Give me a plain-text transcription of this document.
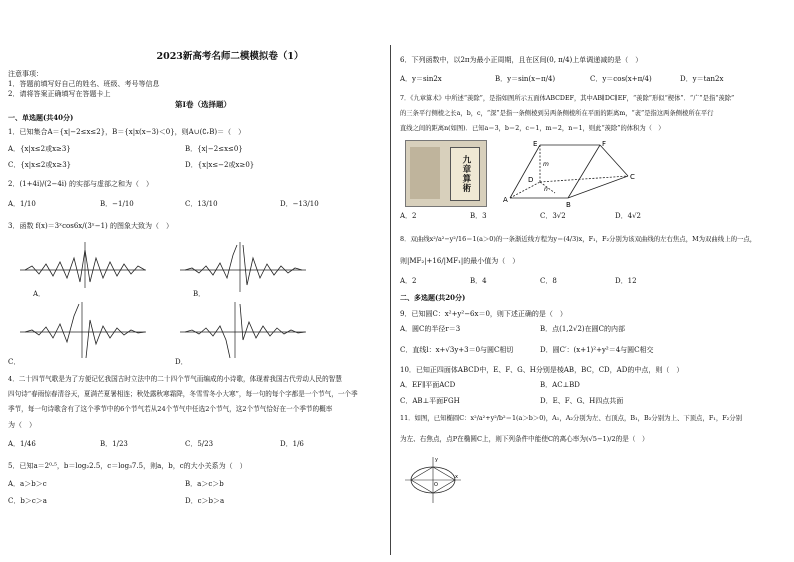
2023新高考名师二模模拟卷（1）
注意事项：
1．答题前填写好自己的姓名、班级、考号等信息
2．请将答案正确填写在答题卡上
第Ⅰ卷（选择题）
一、单选题(共40分)
1．已知集合A＝{x|−2≤x≤2}，B＝{x|x(x−3)＜0}，则A∪(∁ᵣB)＝（　）
A．{x|x≤2或x≥3}	B．{x|−2≤x≤0}
C．{x|x≤2或x≥3}	D．{x|x≤−2或x≥0}
2．(1+4i)/(2−4i) 的实部与虚部之和为（　）
A．1/10	B．−1/10	C．13/10	D．−13/10
3．函数 f(x)＝3ˣcos6x/(3ˣ−1) 的图象大致为（　）
A．	B．
C．	D．
4．二十四节气歌是为了方便记忆我国古时立法中的二十四个节气而编成的小诗歌，体现着我国古代劳动人民的智慧
四句诗“春雨惊春清谷天，夏满芒夏暑相连；秋处露秋寒霜降，冬雪雪冬小大寒”，每一句的每个字都是一个节气，一个季
季节，每一句诗歌含有了这个季节中的6个节气若从24个节气中任选2个节气，这2个节气恰好在一个季节的概率
为（　）
A．1/46	B．1/23	C．5/23	D．1/6
5．已知a＝2⁰·⁵，b＝log₂2.5，c＝log₃7.5，则a，b，c的大小关系为（　）
A．a＞b＞c	B．a＞c＞b
C．b＞c＞a	D．c＞b＞a
6．下列函数中，以2π为最小正周期，且在区间(0, π/4)上单调递减的是（　）
A．y＝sin2x	B．y＝sin(x−π/4)	C．y＝cos(x+π/4)	D．y＝tan2x
7．《九章算术》中所述“羡除”，是指如图所示五面体ABCDEF，其中AB∥DC∥EF，“羡除”形似“楔体”．“广”是指“羡除”
的三条平行侧棱之长a，b，c，“深”是指一条侧棱到另两条侧棱所在平面的距离m，“袤”是指这两条侧棱所在平行
直线之间的距离n(如图)．已知a＝3，b＝2，c＝1，m＝2，n＝1，则此“羡除”的体积为（　）
九章算術
E	F
A
B
C
D
m
n
A．2	B．3	C．3√2	D．4√2
8．双曲线x²/a²−y²/16＝1(a＞0)的一条渐近线方程为y＝(4/3)x，F₁，F₂分别为该双曲线的左右焦点，M为双曲线上的一点，
则|MF₂|+16/|MF₁|的最小值为（　）
A．2	B．4	C．8	D．12
二、多选题(共20分)
9．已知圆C：x²+y²−6x＝0，则下述正确的是（　）
A．圆C的半径r＝3	B．点(1,2√2)在圆C的内部
C．直线l：x+√3y+3＝0与圆C相切	D．圆C′：(x+1)²+y²＝4与圆C相交
10．已知正四面体ABCD中，E、F、G、H分别是棱AB，BC，CD，AD的中点，则（　）
A．EF∥平面ACD	B．AC⊥BD
C．AB⊥平面FGH	D．E、F、G、H四点共面
11．如图，已知椭圆C：x²/a²+y²/b²＝1(a＞b＞0)，A₁，A₂分别为左、右顶点，B₁，B₂分别为上、下顶点，F₁，F₂分别
为左、右焦点，点P在椭圆C上，则下列条件中能使C的离心率为(√5−1)/2的是（　）
x
y
O
